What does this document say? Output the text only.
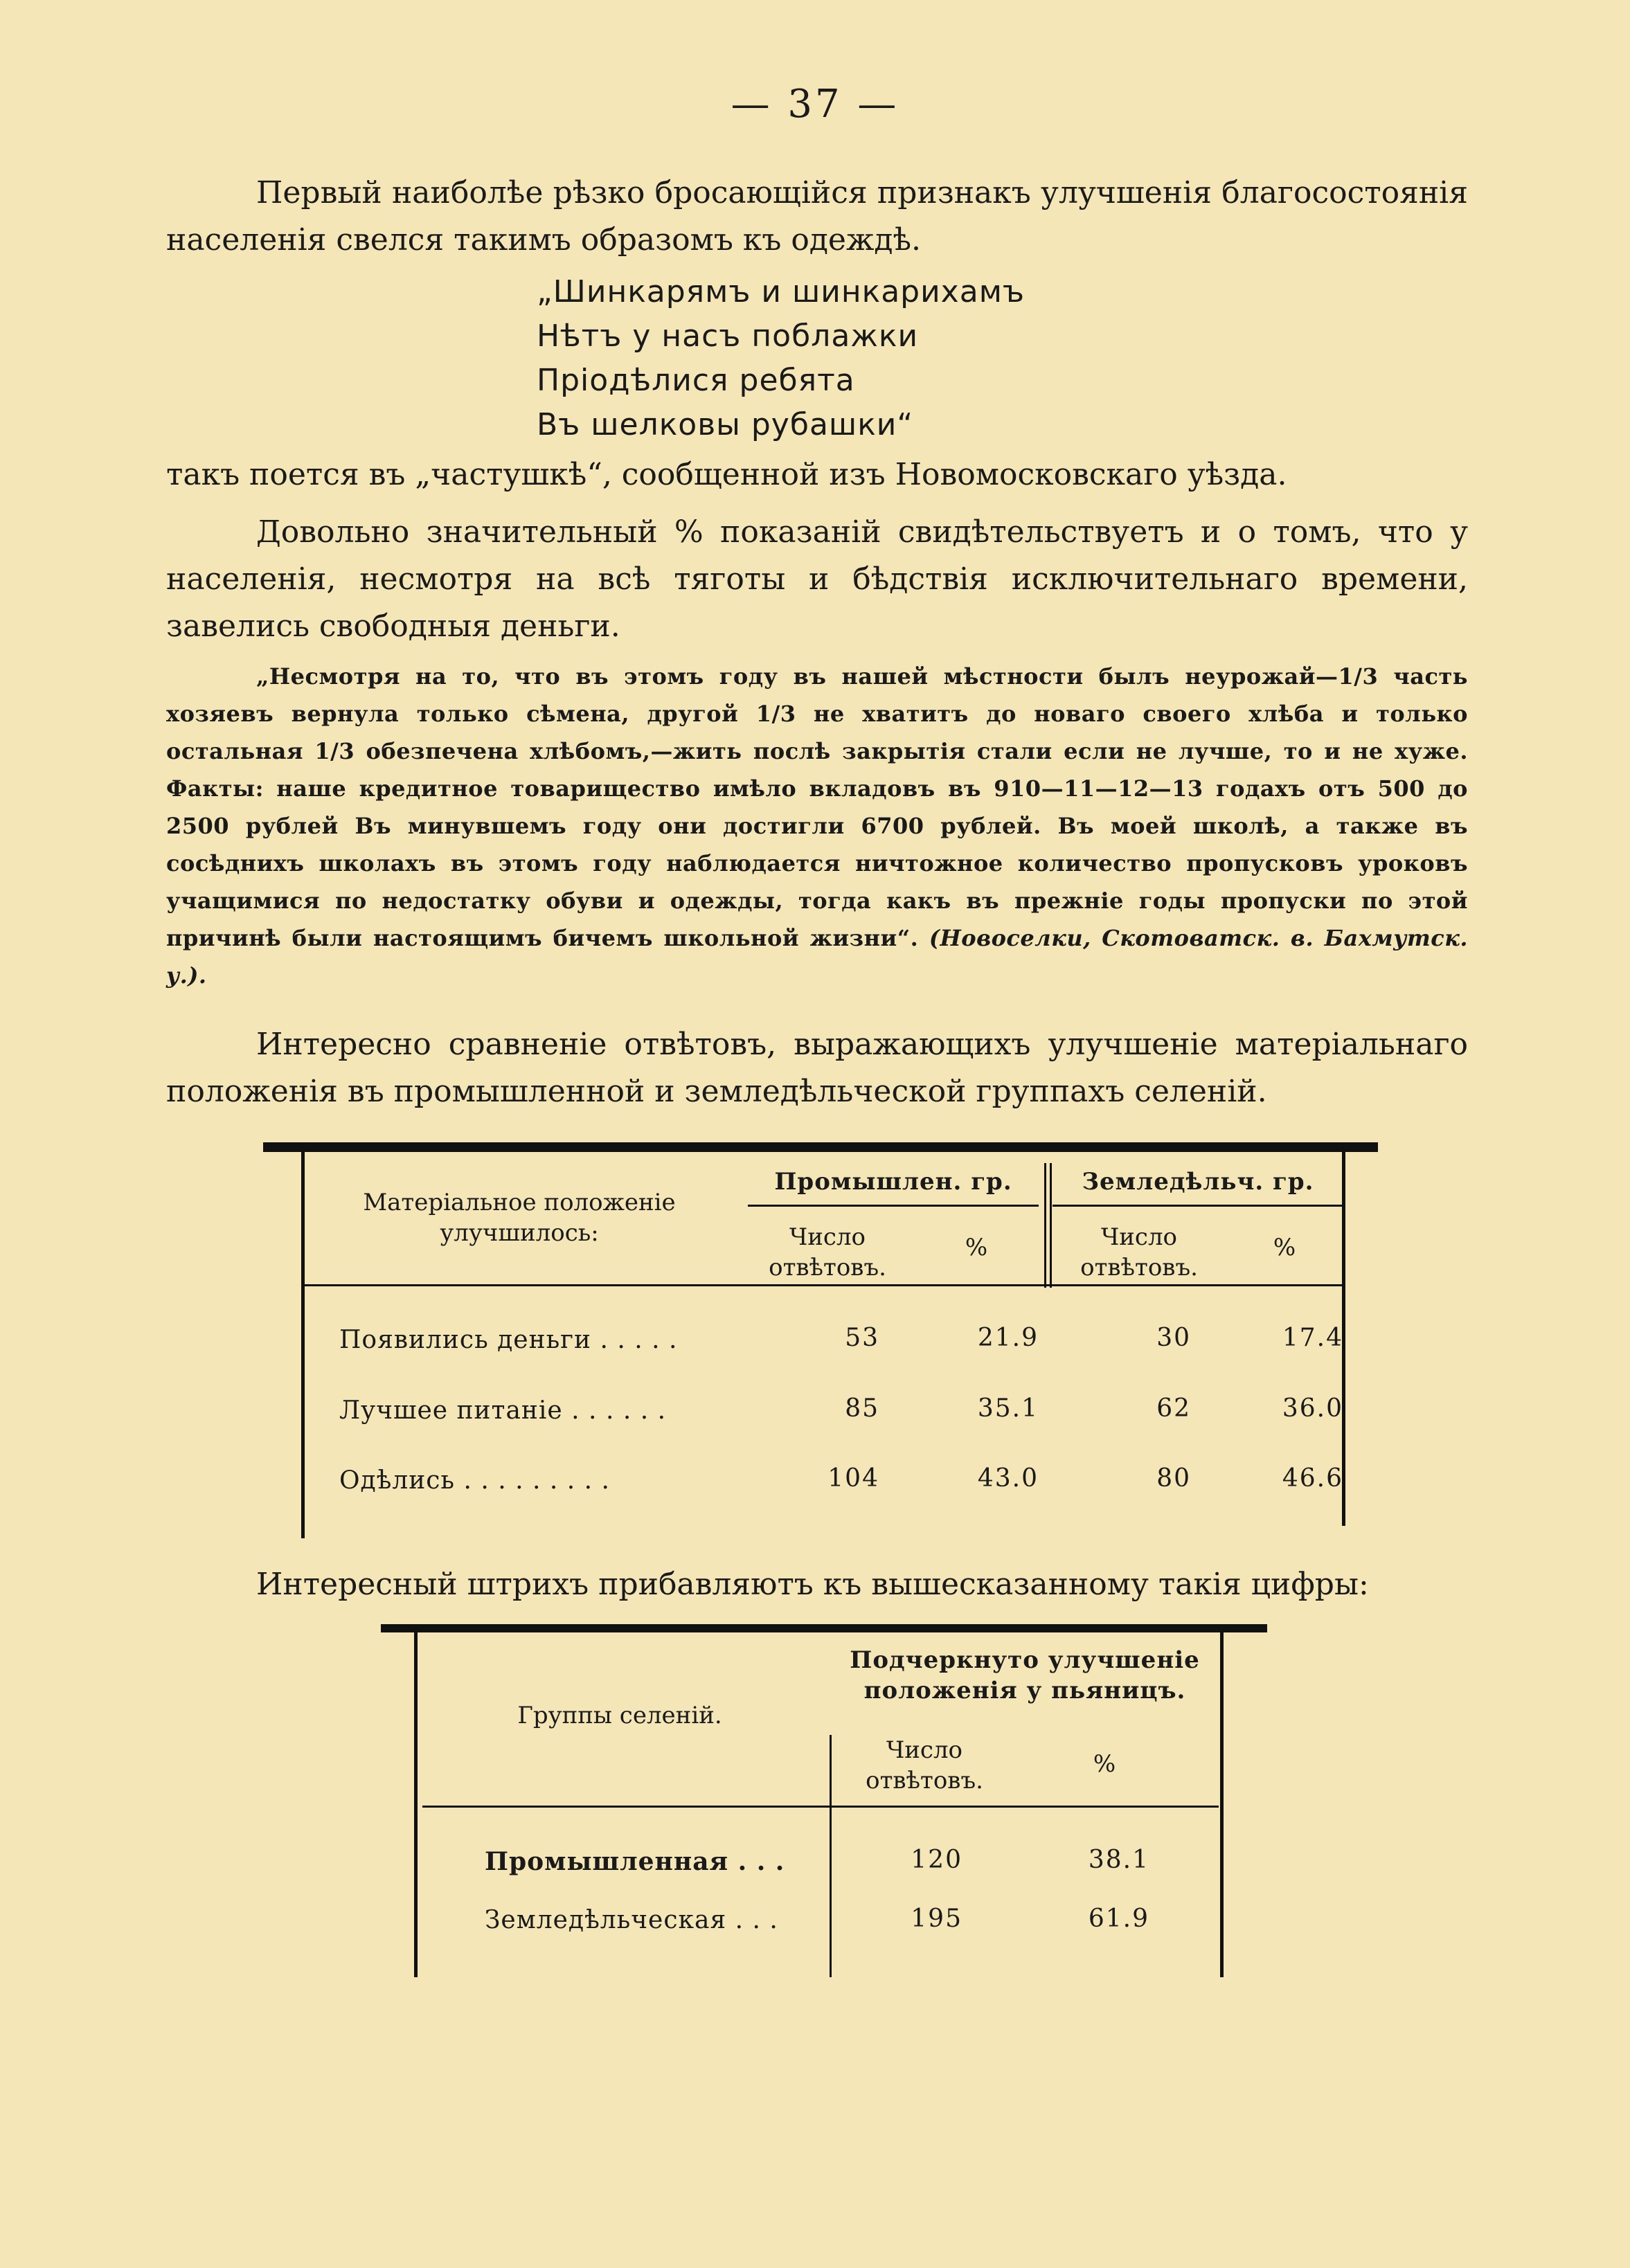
— 37 —

Первый наиболѣе рѣзко бросающійся признакъ улучшенія благосостоянія населенія свелся такимъ образомъ къ одеждѣ.

„Шинкарямъ и шинкарихамъ
Нѣтъ у насъ поблажки
Пріодѣлися ребята
Въ шелковы рубашки“

такъ поется въ „частушкѣ“, сообщенной изъ Новомосковскаго уѣзда.

Довольно значительный % показаній свидѣтельствуетъ и о томъ, что у населенія, несмотря на всѣ тяготы и бѣдствія исключительнаго времени, завелись свободныя деньги.

„Несмотря на то, что въ этомъ году въ нашей мѣстности былъ неурожай—1/3 часть хозяевъ вернула только сѣмена, другой 1/3 не хватитъ до новаго своего хлѣба и только остальная 1/3 обезпечена хлѣбомъ,—жить послѣ закрытія стали если не лучше, то и не хуже. Факты: наше кредитное товарищество имѣло вкладовъ въ 910—11—12—13 годахъ отъ 500 до 2500 рублей Въ минувшемъ году они достигли 6700 рублей. Въ моей школѣ, а также въ сосѣднихъ школахъ въ этомъ году наблюдается ничтожное количество пропусковъ уроковъ учащимися по недостатку обуви и одежды, тогда какъ въ прежніе годы пропуски по этой причинѣ были настоящимъ бичемъ школьной жизни“. (Новоселки, Скотоватск. в. Бахмутск. у.).

Интересно сравненіе отвѣтовъ, выражающихъ улучшеніе матеріальнаго положенія въ промышленной и земледѣльческой группахъ селеній.

Матеріальное положеніе улучшилось:
Промышлен. гр.	Земледѣльч. гр.
Число отвѣтовъ.
%	Число отвѣтовъ.
%
Появились деньги . . . . .	53	21.9	30	17.4
Лучшее питаніе . . . . . .	85	35.1	62	36.0
Одѣлись . . . . . . . . .	104	43.0	80	46.6

Интересный штрихъ прибавляютъ къ вышесказанному такія цифры:

Группы селеній.
Подчеркнуто улучшеніе положенія у пьяницъ.
Число отвѣтовъ.
%
Промышленная . . .	120	38.1
Земледѣльческая . . .	195	61.9
